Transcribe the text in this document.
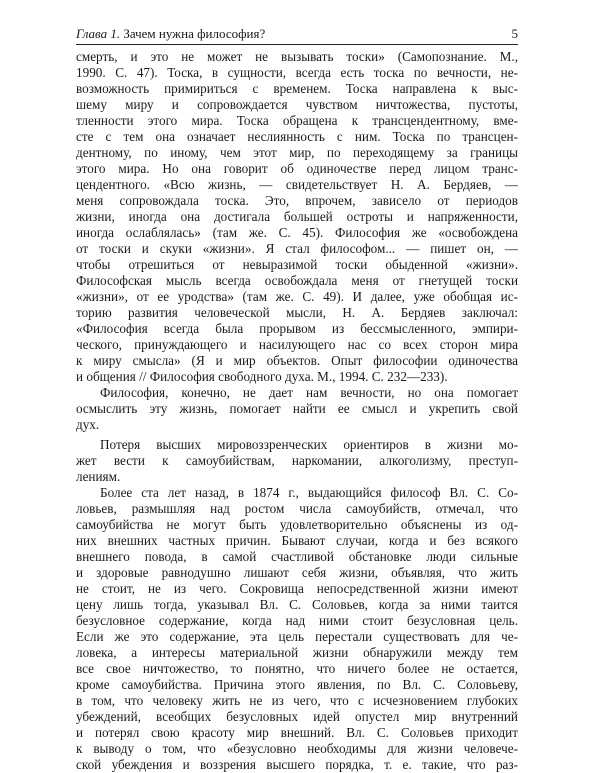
Глава 1. Зачем нужна философия?	5
смерть, и это не может не вызывать тоски» (Самопознание. М.,
1990. С. 47). Тоска, в сущности, всегда есть тоска по вечности, не-
возможность примириться с временем. Тоска направлена к выс-
шему миру и сопровождается чувством ничтожества, пустоты,
тленности этого мира. Тоска обращена к трансцендентному, вме-
сте с тем она означает неслиянность с ним. Тоска по трансцен-
дентному, по иному, чем этот мир, по переходящему за границы
этого мира. Но она говорит об одиночестве перед лицом транс-
цендентного. «Всю жизнь, — свидетельствует Н. А. Бердяев, —
меня сопровождала тоска. Это, впрочем, зависело от периодов
жизни, иногда она достигала большей остроты и напряженности,
иногда ослаблялась» (там же. С. 45). Философия же «освобождена
от тоски и скуки «жизни». Я стал философом... — пишет он, —
чтобы отрешиться от невыразимой тоски обыденной «жизни».
Философская мысль всегда освобождала меня от гнетущей тоски
«жизни», от ее уродства» (там же. С. 49). И далее, уже обобщая ис-
торию развития человеческой мысли, Н. А. Бердяев заключал:
«Философия всегда была прорывом из бессмысленного, эмпири-
ческого, принуждающего и насилующего нас со всех сторон мира
к миру смысла» (Я и мир объектов. Опыт философии одиночества
и общения // Философия свободного духа. М., 1994. С. 232—233).
Философия, конечно, не дает нам вечности, но она помогает
осмыслить эту жизнь, помогает найти ее смысл и укрепить свой
дух.
Потеря высших мировоззренческих ориентиров в жизни мо-
жет вести к самоубийствам, наркомании, алкоголизму, преступ-
лениям.
Более ста лет назад, в 1874 г., выдающийся философ Вл. С. Со-
ловьев, размышляя над ростом числа самоубийств, отмечал, что
самоубийства не могут быть удовлетворительно объяснены из од-
них внешних частных причин. Бывают случаи, когда и без всякого
внешнего повода, в самой счастливой обстановке люди сильные
и здоровые равнодушно лишают себя жизни, объявляя, что жить
не стоит, не из чего. Сокровища непосредственной жизни имеют
цену лишь тогда, указывал Вл. С. Соловьев, когда за ними таится
безусловное содержание, когда над ними стоит безусловная цель.
Если же это содержание, эта цель перестали существовать для че-
ловека, а интересы материальной жизни обнаружили между тем
все свое ничтожество, то понятно, что ничего более не остается,
кроме самоубийства. Причина этого явления, по Вл. С. Соловьеву,
в том, что человеку жить не из чего, что с исчезновением глубоких
убеждений, всеобщих безусловных идей опустел мир внутренний
и потерял свою красоту мир внешний. Вл. С. Соловьев приходит
к выводу о том, что «безусловно необходимы для жизни человече-
ской убеждения и воззрения высшего порядка, т. е. такие, что раз-
